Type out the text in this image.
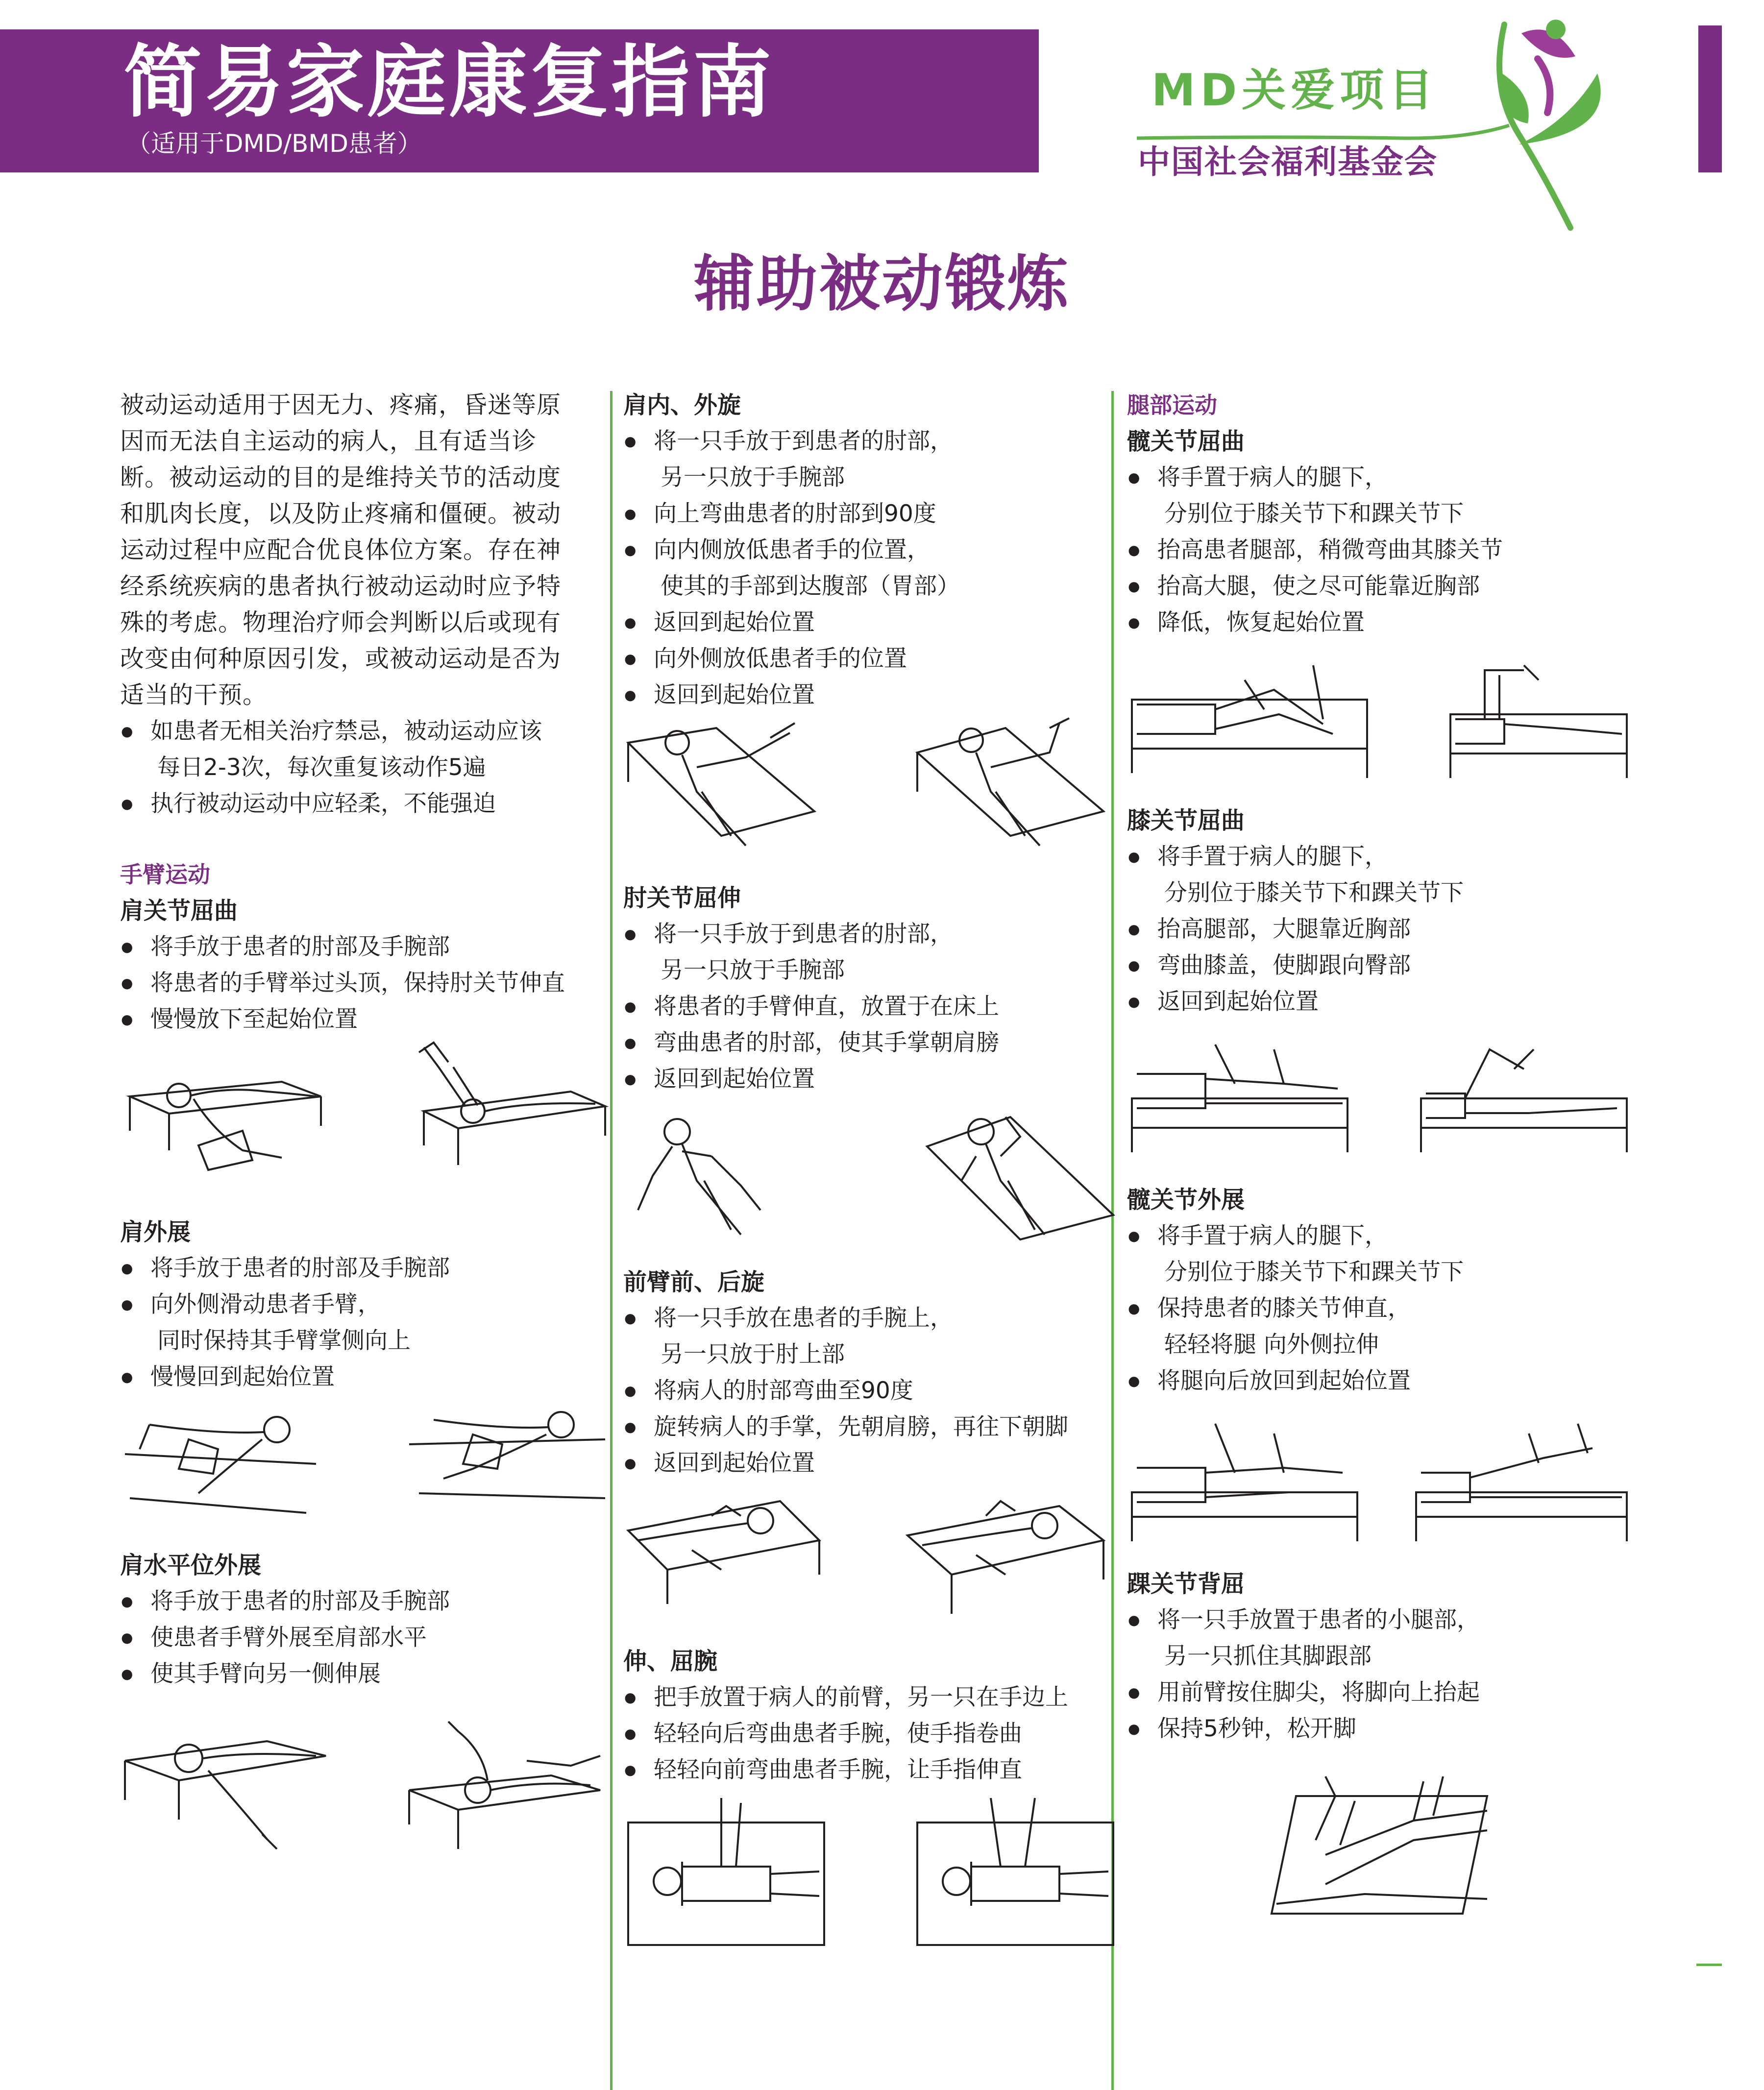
简易家庭康复指南
（适用于DMD/BMD患者）
MD关爱项目
中国社会福利基金会
辅助被动锻炼
被动运动适用于因无力、疼痛，昏迷等原
因而无法自主运动的病人，且有适当诊
断。被动运动的目的是维持关节的活动度
和肌肉长度，以及防止疼痛和僵硬。被动
运动过程中应配合优良体位方案。存在神
经系统疾病的患者执行被动运动时应予特
殊的考虑。物理治疗师会判断以后或现有
改变由何种原因引发，或被动运动是否为
适当的干预。
● 如患者无相关治疗禁忌，被动运动应该
每日2-3次，每次重复该动作5遍
● 执行被动运动中应轻柔，不能强迫
手臂运动
肩关节屈曲
● 将手放于患者的肘部及手腕部
● 将患者的手臂举过头顶，保持肘关节伸直
● 慢慢放下至起始位置
肩外展
● 将手放于患者的肘部及手腕部
● 向外侧滑动患者手臂，
同时保持其手臂掌侧向上
● 慢慢回到起始位置
肩水平位外展
● 将手放于患者的肘部及手腕部
● 使患者手臂外展至肩部水平
● 使其手臂向另一侧伸展
肩内、外旋
● 将一只手放于到患者的肘部，
另一只放于手腕部
● 向上弯曲患者的肘部到90度
● 向内侧放低患者手的位置，
使其的手部到达腹部（胃部）
● 返回到起始位置
● 向外侧放低患者手的位置
● 返回到起始位置
肘关节屈伸
● 将一只手放于到患者的肘部，
另一只放于手腕部
● 将患者的手臂伸直，放置于在床上
● 弯曲患者的肘部，使其手掌朝肩膀
● 返回到起始位置
前臂前、后旋
● 将一只手放在患者的手腕上，
另一只放于肘上部
● 将病人的肘部弯曲至90度
● 旋转病人的手掌，先朝肩膀，再往下朝脚
● 返回到起始位置
伸、屈腕
● 把手放置于病人的前臂，另一只在手边上
● 轻轻向后弯曲患者手腕，使手指卷曲
● 轻轻向前弯曲患者手腕，让手指伸直
腿部运动
髋关节屈曲
● 将手置于病人的腿下，
分别位于膝关节下和踝关节下
● 抬高患者腿部，稍微弯曲其膝关节
● 抬高大腿，使之尽可能靠近胸部
● 降低，恢复起始位置
膝关节屈曲
● 将手置于病人的腿下，
分别位于膝关节下和踝关节下
● 抬高腿部，大腿靠近胸部
● 弯曲膝盖，使脚跟向臀部
● 返回到起始位置
髋关节外展
● 将手置于病人的腿下，
分别位于膝关节下和踝关节下
● 保持患者的膝关节伸直，
轻轻将腿 向外侧拉伸
● 将腿向后放回到起始位置
踝关节背屈
● 将一只手放置于患者的小腿部，
另一只抓住其脚跟部
● 用前臂按住脚尖，将脚向上抬起
● 保持5秒钟，松开脚
